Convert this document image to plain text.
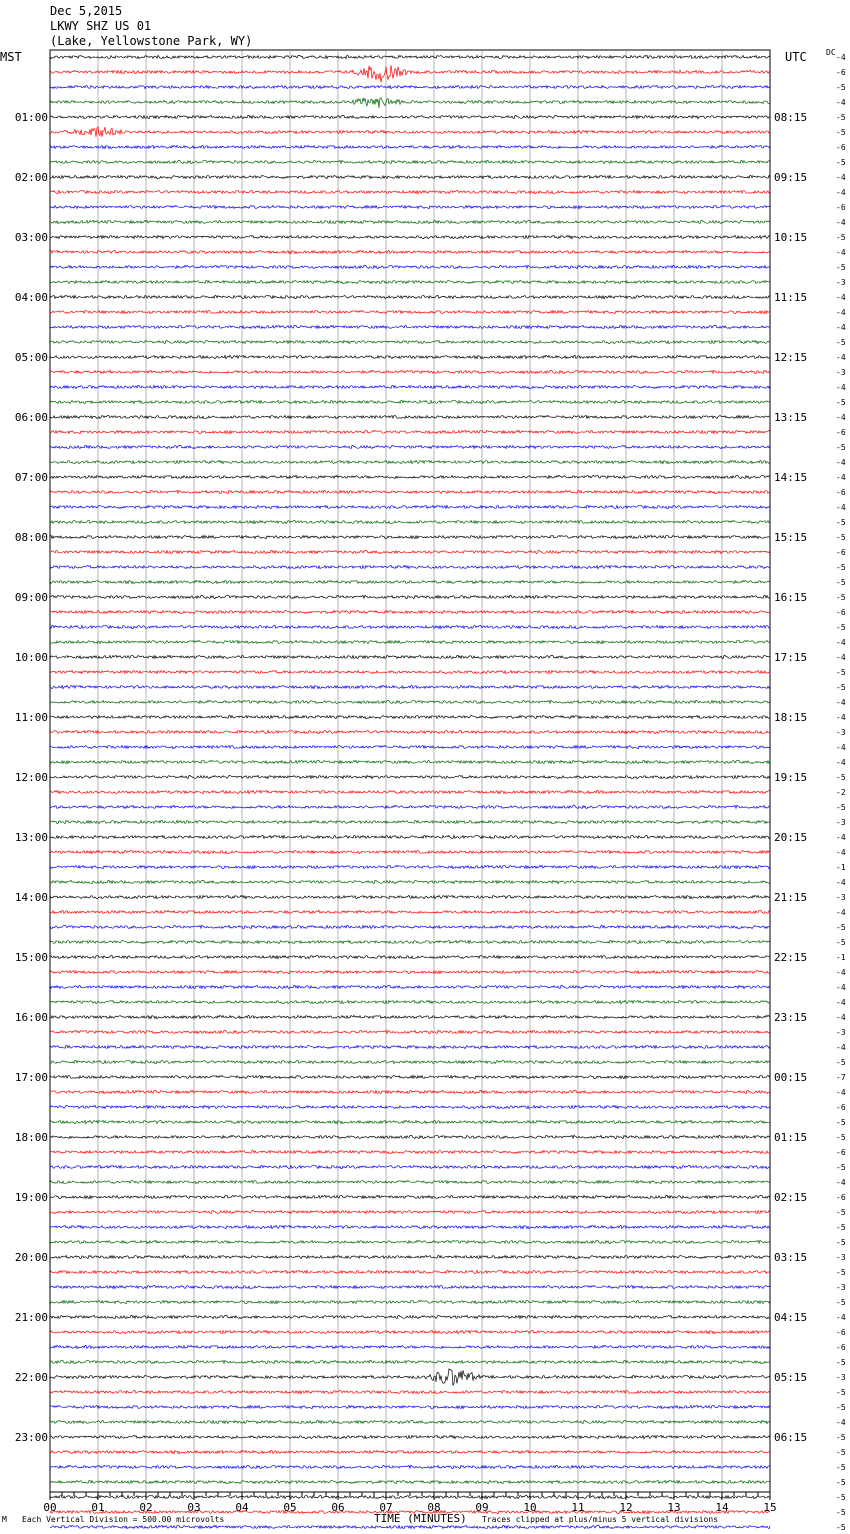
Dec 5,2015
LKWY SHZ US 01
(Lake, Yellowstone Park, WY)
MST	UTC DC
-4
-6
-5
-4
-5
-5
-6
-5
-4
-4
-6
-4
-5
-4
-5
-3
-4
-4
-4
-5
-4
-3
-4
-5
-4
-6
-5
-4
-4
-6
-4
-5
-5
-6
-5
-5
-5
-6
-5
-4
-4
-5
-5
-4
-4
-3
-4
-4
-5
-2
-5
-3
-4
-4
-1
-4
-3
-4
-5
-5
-1
-4
-4
-4
-4
-3
-4
-5
-7
-4
-6
-5
-5
-6
-5
-4
-6
-5
-5
-5
-3
-5
-3
-5
-4
-6
-6
-5
-3
-5
-5
-4
-5
-5
-5
-5
-5
-5
-5
01:00	08:15
02:00	09:15
03:00	10:15
04:00	11:15
05:00	12:15
06:00	13:15
07:00	14:15
08:00	15:15
09:00	16:15
10:00	17:15
11:00	18:15
12:00	19:15
13:00	20:15
14:00	21:15
15:00	22:15
16:00	23:15
17:00	00:15
18:00	01:15
19:00	02:15
20:00	03:15
21:00	04:15
22:00	05:15
23:00	06:15
00	01	02	03	04	05	06	07	08	09	10	11	12	13	14	15
M Each Vertical Division = 500.00 microvolts	TIME (MINUTES) Traces clipped at plus/minus 5 vertical divisions
